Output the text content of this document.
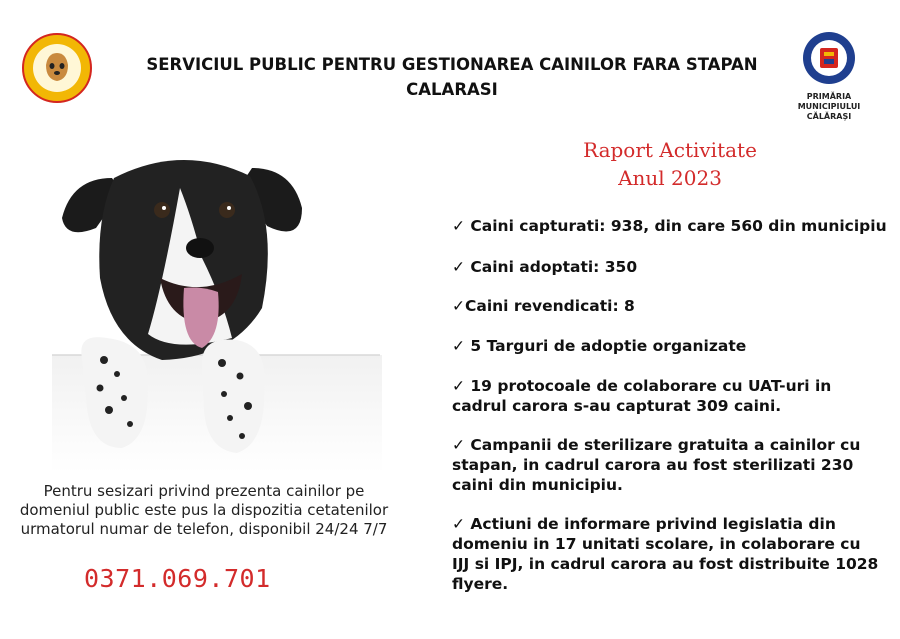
SERVICIUL PUBLIC PENTRU GESTIONAREA CAINILOR FARA STAPAN
CALARASI	PRIMĂRIA
MUNICIPIULUI
CĂLĂRAȘI
Raport Activitate
Anul 2023
✓ Caini capturati: 938, din care 560 din municipiu
✓ Caini adoptati: 350
✓Caini revendicati: 8
✓ 5 Targuri de adoptie organizate
✓ 19 protocoale de colaborare cu UAT-uri in cadrul carora s-au capturat 309 caini.
✓ Campanii de sterilizare gratuita a cainilor cu stapan, in cadrul carora au fost sterilizati 230 caini din municipiu.
✓ Actiuni de informare privind legislatia din domeniu in 17 unitati scolare, in colaborare cu IJJ si IPJ, in cadrul carora au fost distribuite 1028 flyere.
Pentru sesizari privind prezenta cainilor pe domeniul public este pus la dispozitia cetatenilor urmatorul numar de telefon, disponibil 24/24 7/7
0371.069.701
